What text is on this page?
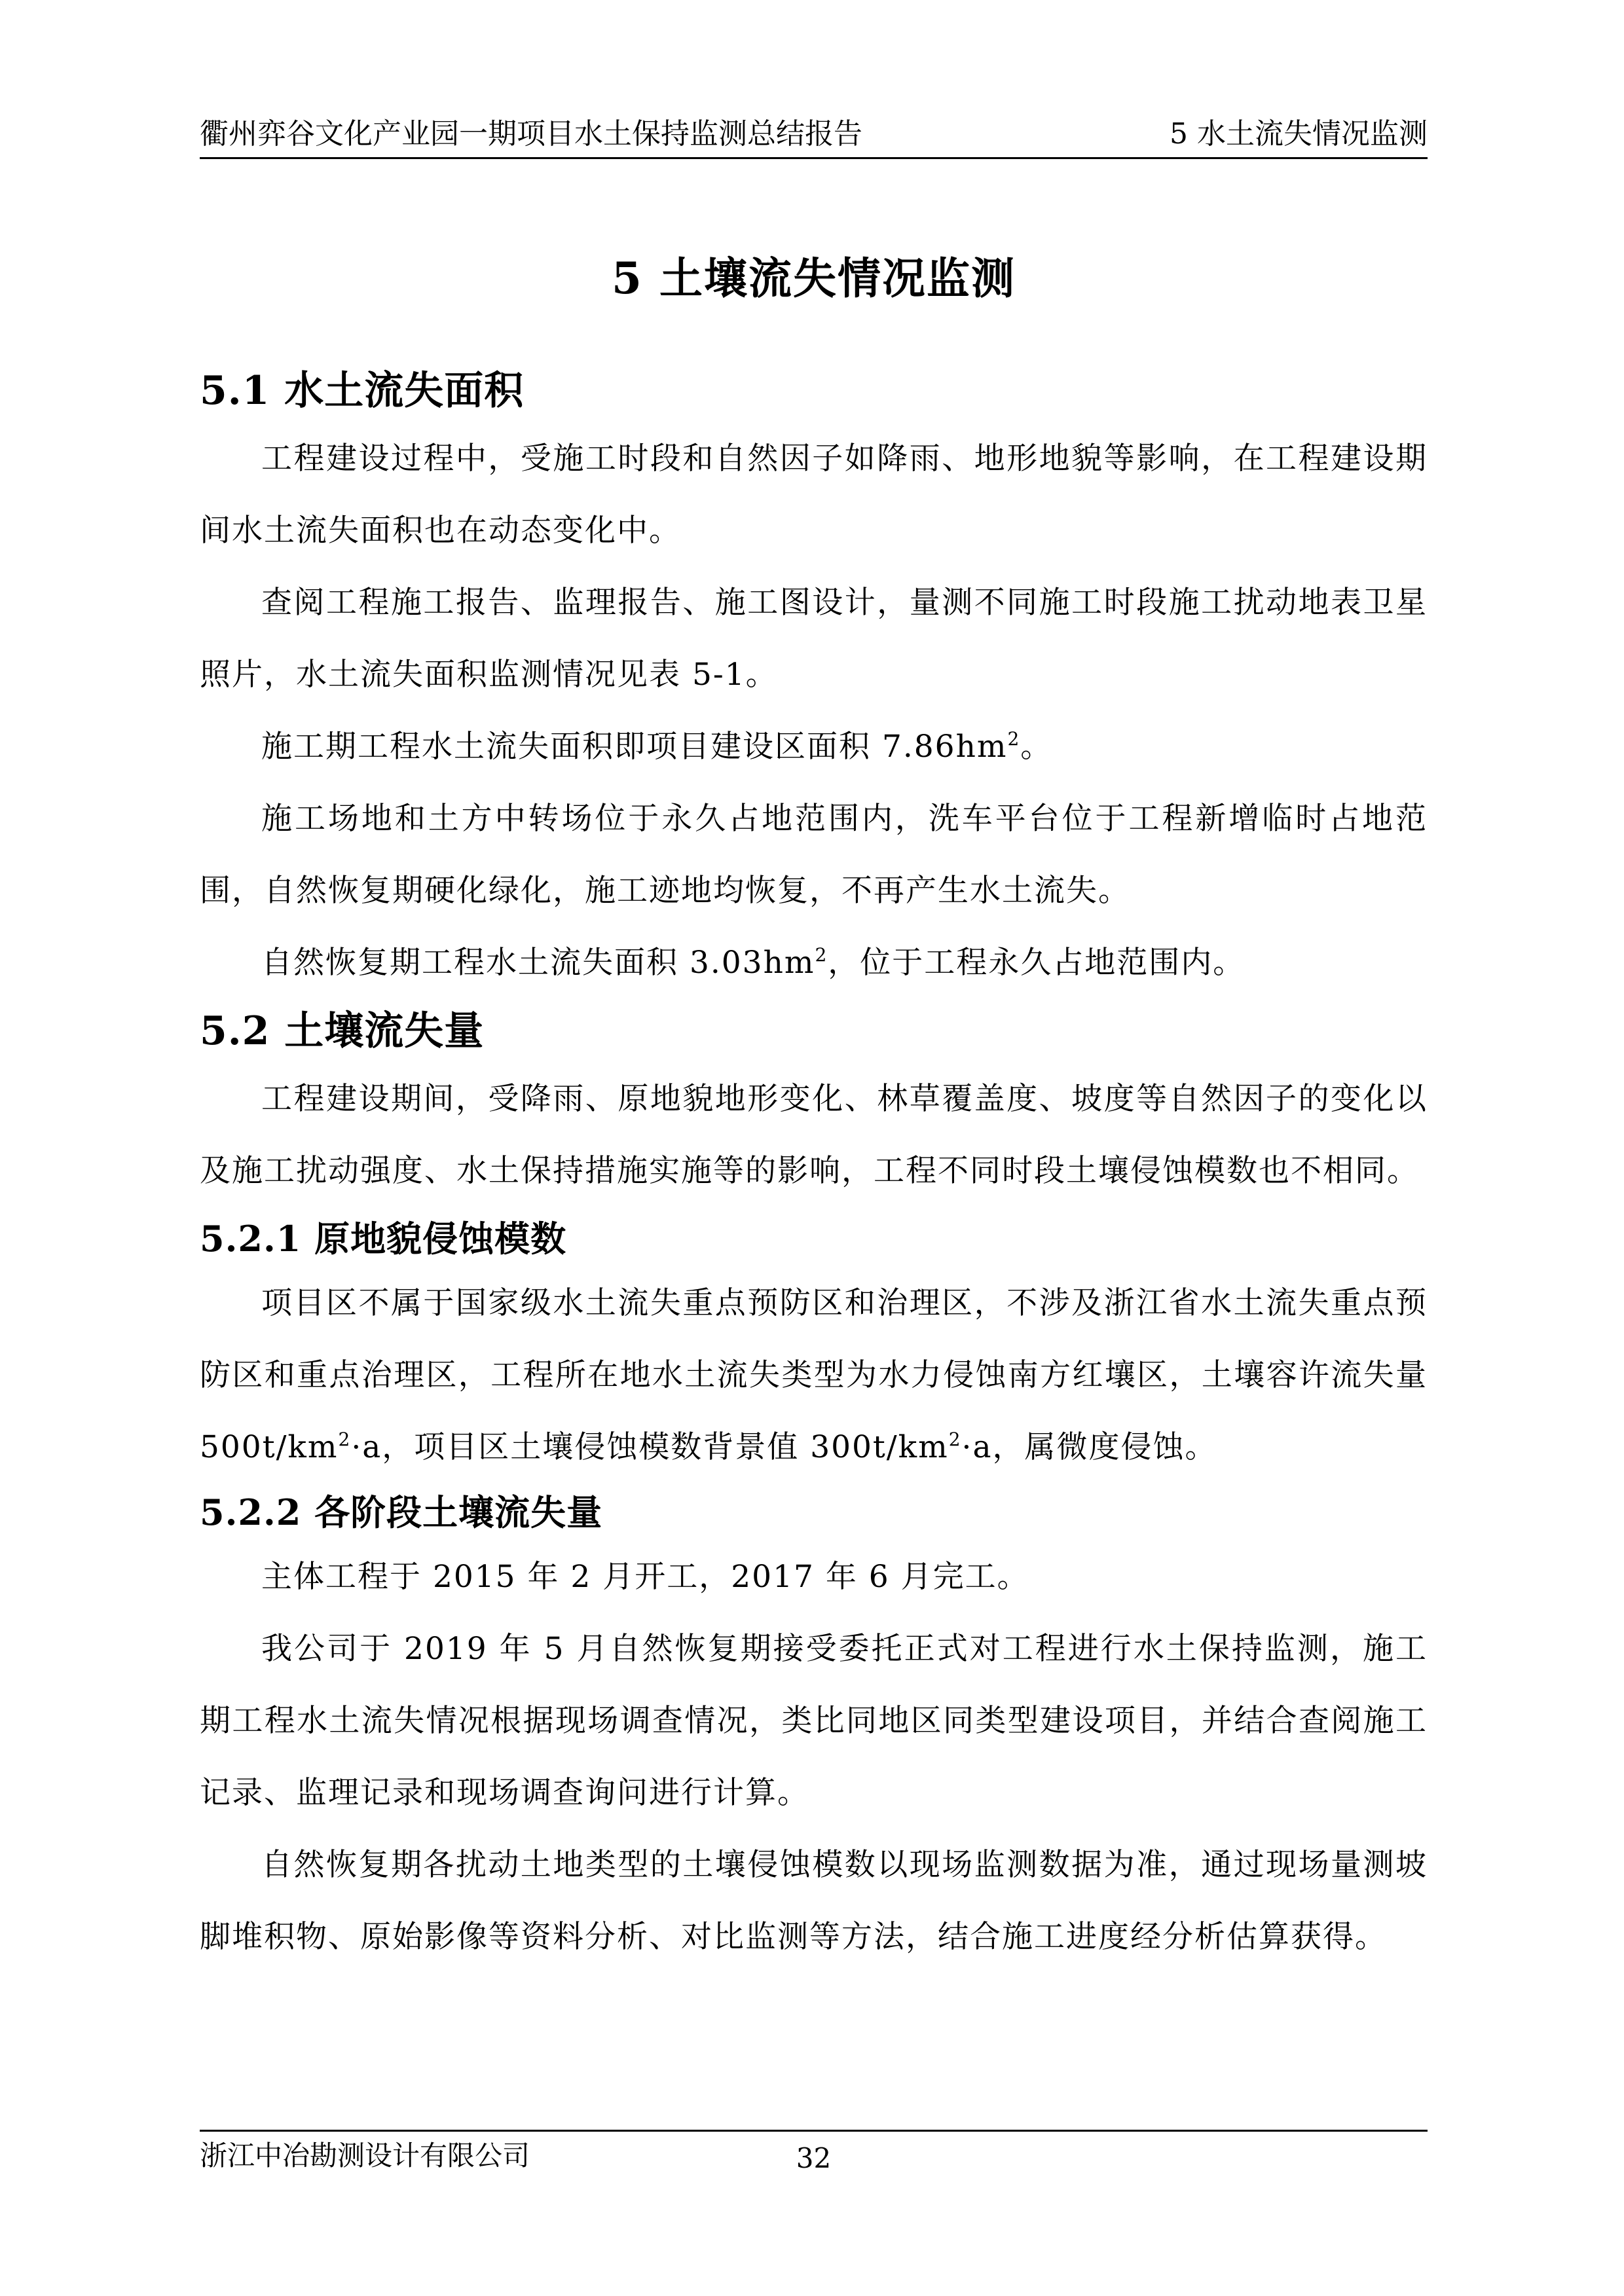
衢州弈谷文化产业园一期项目水土保持监测总结报告	5 水土流失情况监测
5 土壤流失情况监测
5.1 水土流失面积

工程建设过程中，受施工时段和自然因子如降雨、地形地貌等影响，在工程建设期间水土流失面积也在动态变化中。

查阅工程施工报告、监理报告、施工图设计，量测不同施工时段施工扰动地表卫星照片，水土流失面积监测情况见表 5-1。

施工期工程水土流失面积即项目建设区面积 $7.86hm^2$。

施工场地和土方中转场位于永久占地范围内，洗车平台位于工程新增临时占地范围，自然恢复期硬化绿化，施工迹地均恢复，不再产生水土流失。

自然恢复期工程水土流失面积 $3.03hm^2$，位于工程永久占地范围内。

5.2 土壤流失量

工程建设期间，受降雨、原地貌地形变化、林草覆盖度、坡度等自然因子的变化以及施工扰动强度、水土保持措施实施等的影响，工程不同时段土壤侵蚀模数也不相同。

5.2.1 原地貌侵蚀模数

项目区不属于国家级水土流失重点预防区和治理区，不涉及浙江省水土流失重点预防区和重点治理区，工程所在地水土流失类型为水力侵蚀南方红壤区，土壤容许流失量 $500t/km^2\cdot a$，项目区土壤侵蚀模数背景值 $300t/km^2\cdot a$，属微度侵蚀。

5.2.2 各阶段土壤流失量

主体工程于 2015 年 2 月开工，2017 年 6 月完工。

我公司于 2019 年 5 月自然恢复期接受委托正式对工程进行水土保持监测，施工期工程水土流失情况根据现场调查情况，类比同地区同类型建设项目，并结合查阅施工记录、监理记录和现场调查询问进行计算。

自然恢复期各扰动土地类型的土壤侵蚀模数以现场监测数据为准，通过现场量测坡脚堆积物、原始影像等资料分析、对比监测等方法，结合施工进度经分析估算获得。

浙江中冶勘测设计有限公司	32
